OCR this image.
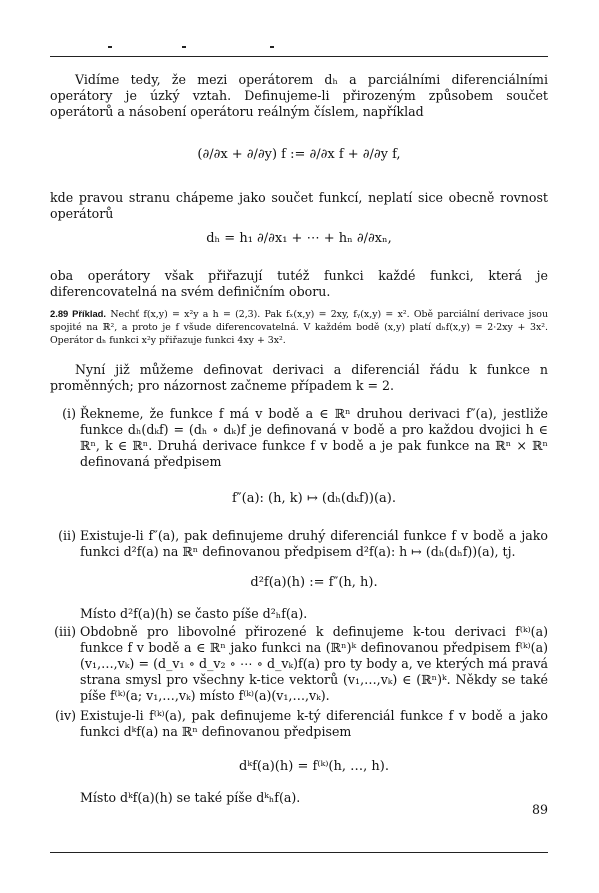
Vidíme tedy, že mezi operátorem dₕ a parciálními diferenciálními operátory je úzký vztah. Definujeme-li přirozeným způsobem součet operátorů a násobení operátoru reálným číslem, například

(∂/∂x + ∂/∂y) f := ∂/∂x f + ∂/∂y f,

kde pravou stranu chápeme jako součet funkcí, neplatí sice obecně rovnost operátorů

dₕ = h₁ ∂/∂x₁ + ⋯ + hₙ ∂/∂xₙ,

oba operátory však přiřazují tutéž funkci každé funkci, která je diferencovatelná na svém definičním oboru.

2.89 Příklad. Nechť f(x,y) = x²y a h = (2,3). Pak fₓ(x,y) = 2xy, fᵧ(x,y) = x². Obě parciální derivace jsou spojité na ℝ², a proto je f všude diferencovatelná. V každém bodě (x,y) platí dₕf(x,y) = 2·2xy + 3x². Operátor dₕ funkci x²y přiřazuje funkci 4xy + 3x².

Nyní již můžeme definovat derivaci a diferenciál řádu k funkce n proměnných; pro názornost začneme případem k = 2.

(i) Řekneme, že funkce f má v bodě a ∈ ℝⁿ druhou derivaci f″(a), jestliže funkce dₕ(dₖf) = (dₕ ∘ dₖ)f je definovaná v bodě a pro každou dvojici h ∈ ℝⁿ, k ∈ ℝⁿ. Druhá derivace funkce f v bodě a je pak funkce na ℝⁿ × ℝⁿ definovaná předpisem

f″(a): (h, k) ↦ (dₕ(dₖf))(a).
(ii) Existuje-li f″(a), pak definujeme druhý diferenciál funkce f v bodě a jako funkci d²f(a) na ℝⁿ definovanou předpisem d²f(a): h ↦ (dₕ(dₕf))(a), tj.

d²f(a)(h) := f″(h, h).

Místo d²f(a)(h) se často píše d²ₕf(a).

(iii) Obdobně pro libovolné přirozené k definujeme k-tou derivaci f⁽ᵏ⁾(a) funkce f v bodě a ∈ ℝⁿ jako funkci na (ℝⁿ)ᵏ definovanou předpisem f⁽ᵏ⁾(a)(v₁,…,vₖ) = (d_v₁ ∘ d_v₂ ∘ ⋯ ∘ d_vₖ)f(a) pro ty body a, ve kterých má pravá strana smysl pro všechny k-tice vektorů (v₁,…,vₖ) ∈ (ℝⁿ)ᵏ. Někdy se také píše f⁽ᵏ⁾(a; v₁,…,vₖ) místo f⁽ᵏ⁾(a)(v₁,…,vₖ).

(iv) Existuje-li f⁽ᵏ⁾(a), pak definujeme k-tý diferenciál funkce f v bodě a jako funkci dᵏf(a) na ℝⁿ definovanou předpisem

dᵏf(a)(h) = f⁽ᵏ⁾(h, …, h).

Místo dᵏf(a)(h) se také píše dᵏₕf(a).

89
